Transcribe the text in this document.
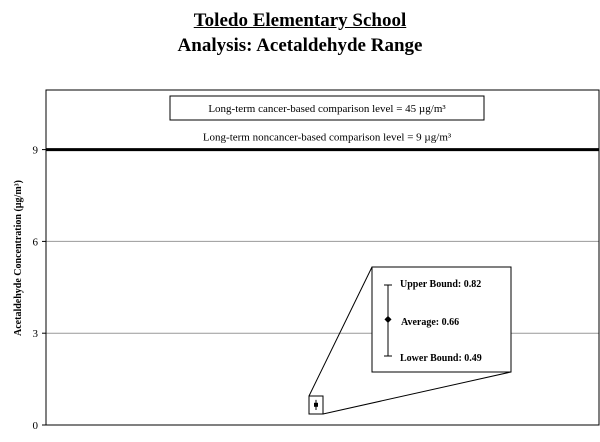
Toledo Elementary School
Analysis: Acetaldehyde Range
Long-term noncancer-based comparison level = 9 µg/m³
Long-term cancer-based comparison level = 45 µg/m³
0
3
6
9
Acetaldehyde Concentration (µg/m³)	Upper Bound: 0.82
Average: 0.66
Lower Bound: 0.49
